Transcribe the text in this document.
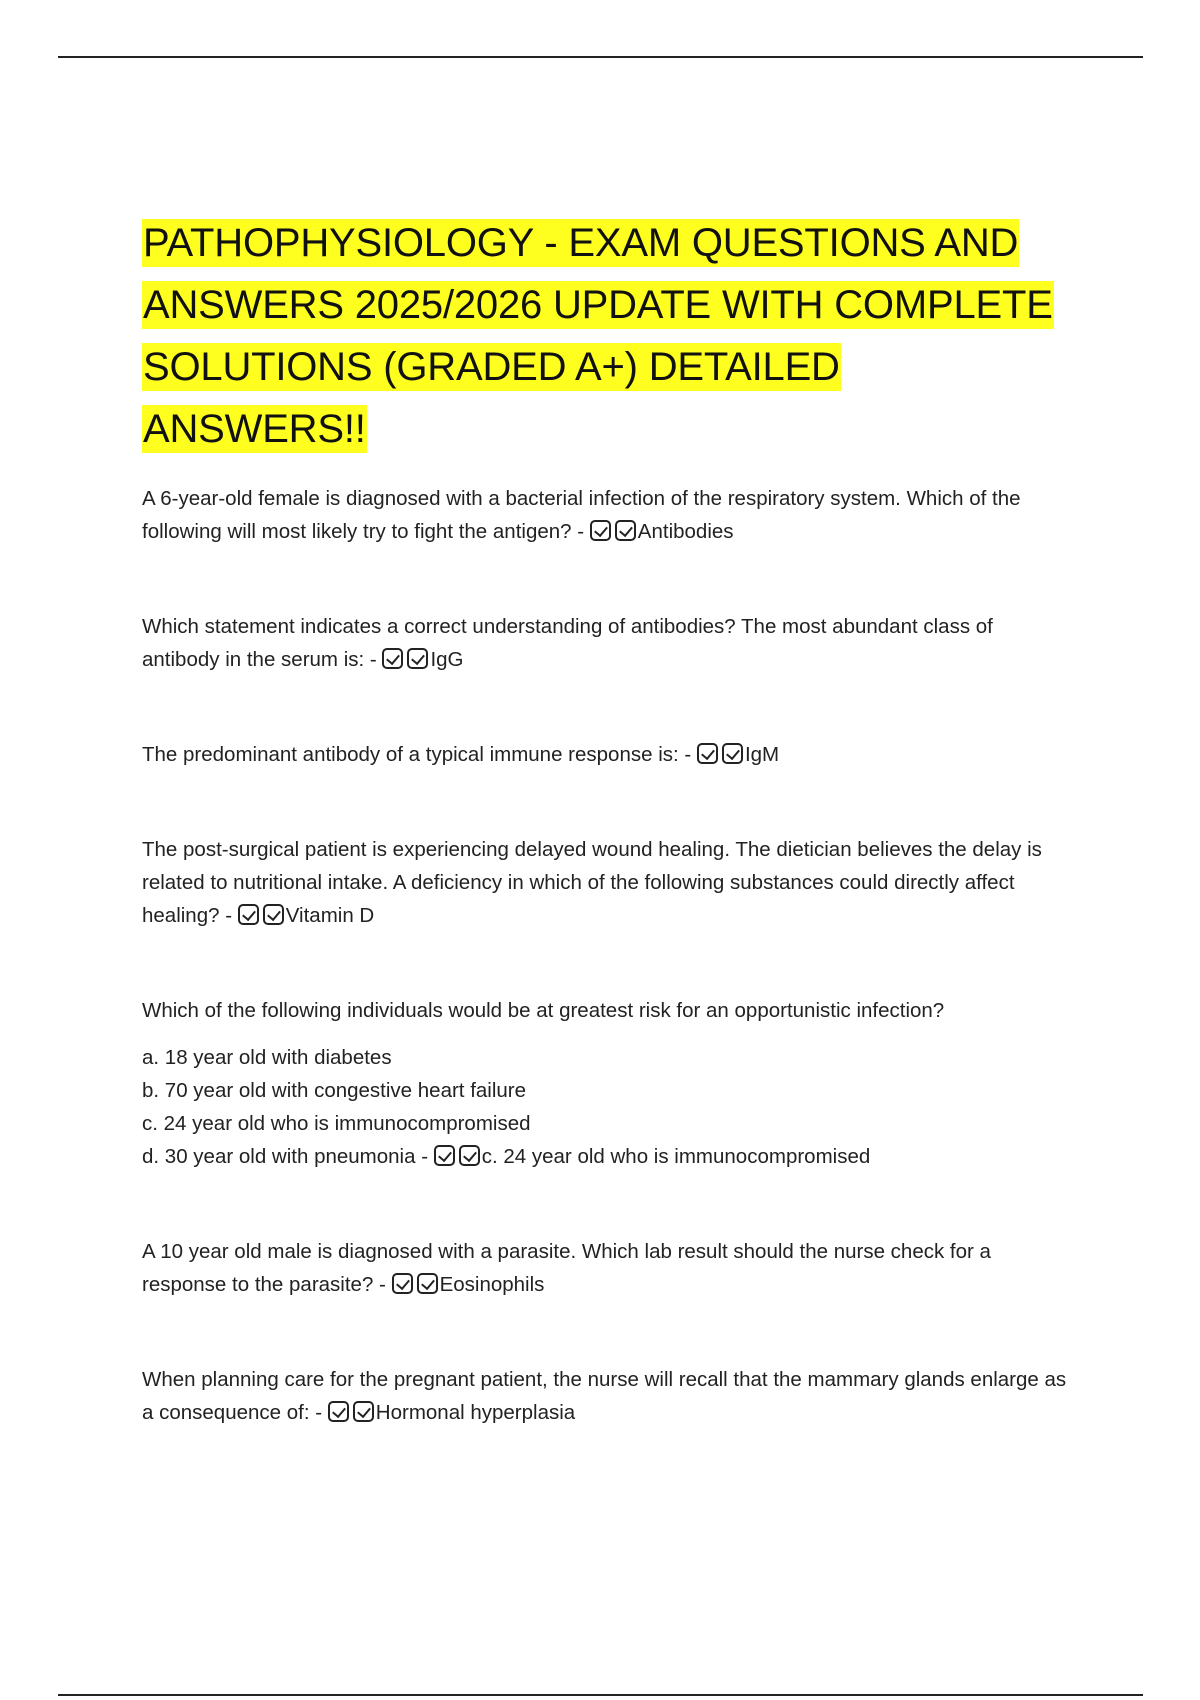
PATHOPHYSIOLOGY - EXAM QUESTIONS AND ANSWERS 2025/2026 UPDATE WITH COMPLETE SOLUTIONS (GRADED A+) DETAILED ANSWERS!!

A 6-year-old female is diagnosed with a bacterial infection of the respiratory system. Which of the following will most likely try to fight the antigen? -	Antibodies

Which statement indicates a correct understanding of antibodies? The most abundant class of antibody in the serum is: -	IgG

The predominant antibody of a typical immune response is: -	IgM

The post-surgical patient is experiencing delayed wound healing. The dietician believes the delay is related to nutritional intake. A deficiency in which of the following substances could directly affect healing? -	Vitamin D

Which of the following individuals would be at greatest risk for an opportunistic infection?

a. 18 year old with diabetes

b. 70 year old with congestive heart failure

c. 24 year old who is immunocompromised

d. 30 year old with pneumonia -	c. 24 year old who is immunocompromised

A 10 year old male is diagnosed with a parasite. Which lab result should the nurse check for a response to the parasite? -	Eosinophils

When planning care for the pregnant patient, the nurse will recall that the mammary glands enlarge as a consequence of: -	Hormonal hyperplasia
